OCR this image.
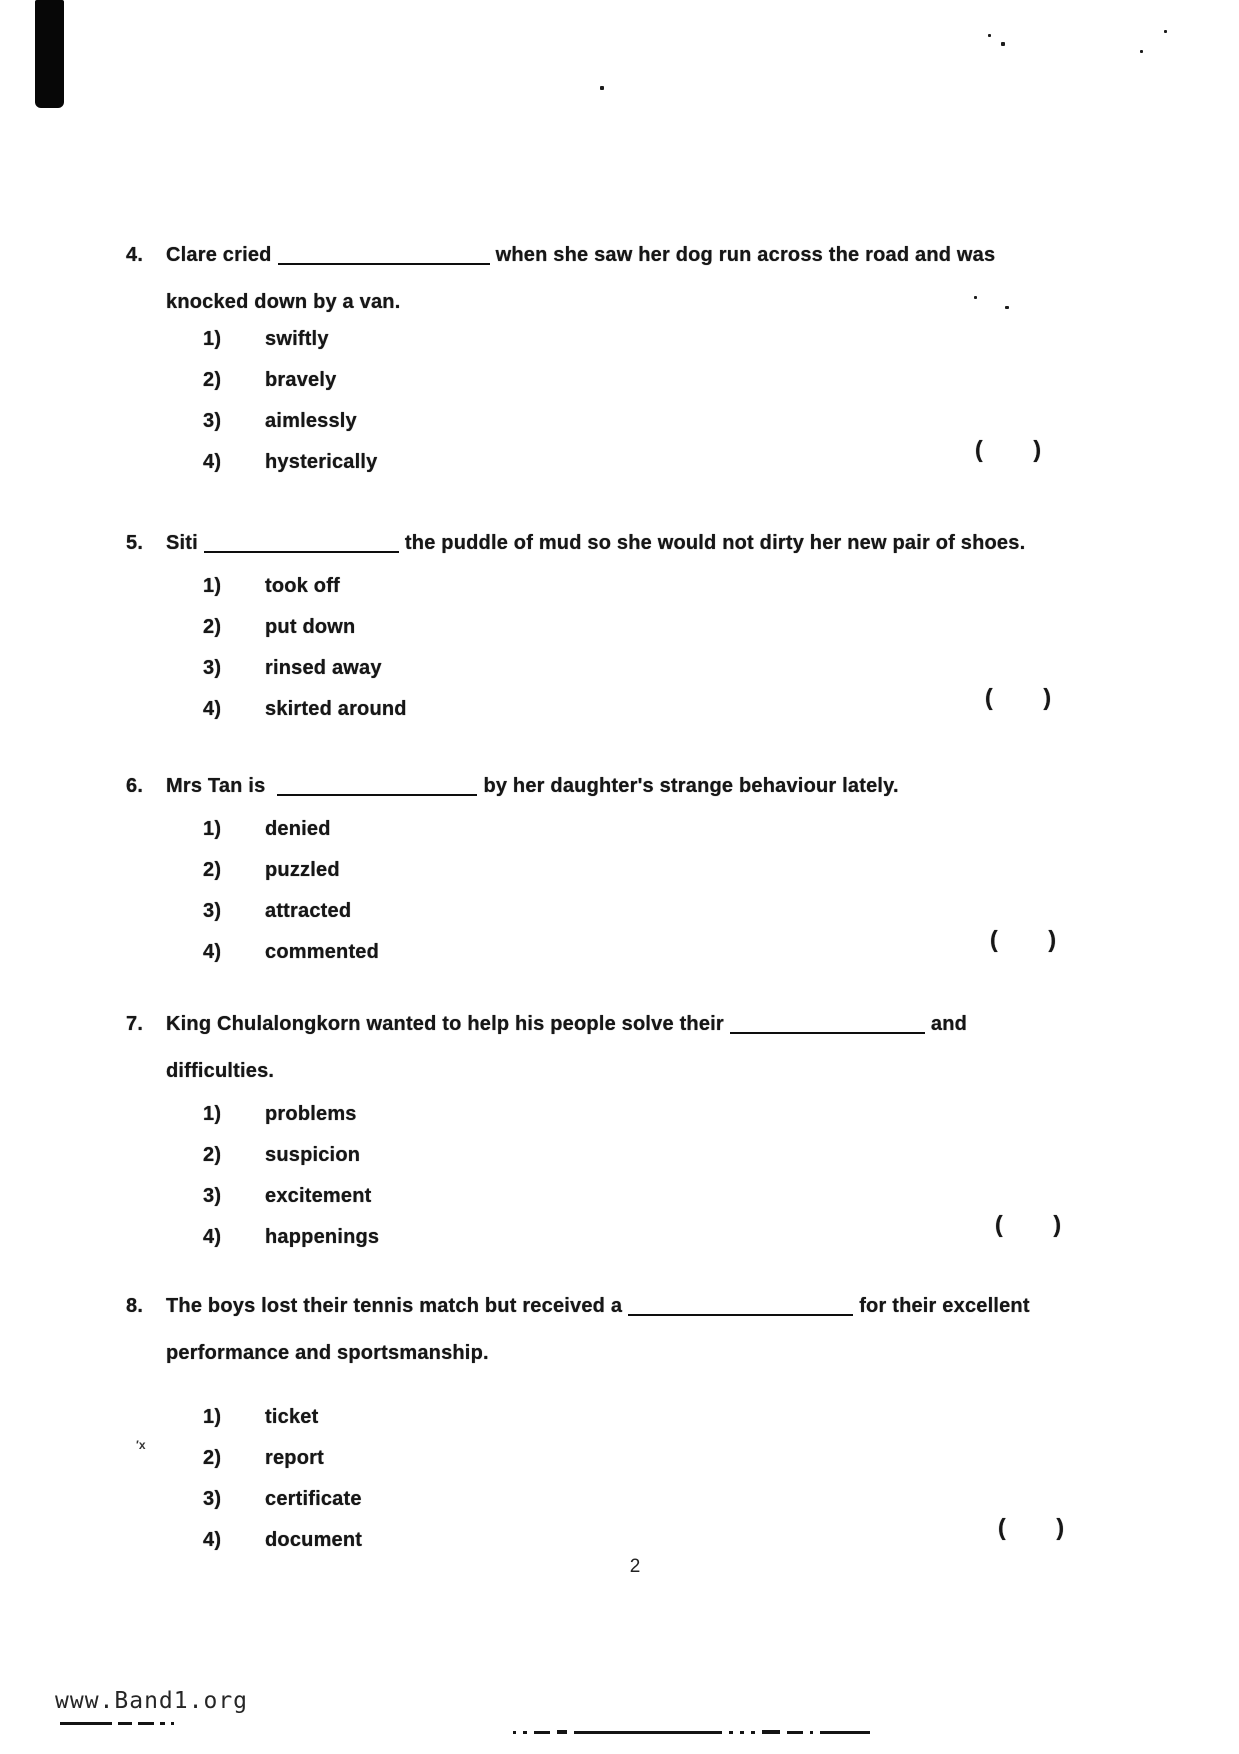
4.	Clare cried	when she saw her dog run across the road and was
knocked down by a van.
1)	swiftly
2)	bravely
3)	aimlessly
4)	hysterically	( )
5.	Siti	the puddle of mud so she would not dirty her new pair of shoes.
1)	took off
2)	put down
3)	rinsed away
4)	skirted around	( )
6.	Mrs Tan is	by her daughter's strange behaviour lately.
1)	denied
2)	puzzled
3)	attracted
4)	commented	( )
7.	King Chulalongkorn wanted to help his people solve their	and
difficulties.
1)	problems
2)	suspicion
3)	excitement
4)	happenings	( )
8.	The boys lost their tennis match but received a	for their excellent
performance and sportsmanship.
1)	ticket
2)	report
3)	certificate
4)	document	( )
′x
2
www.Band1.org
